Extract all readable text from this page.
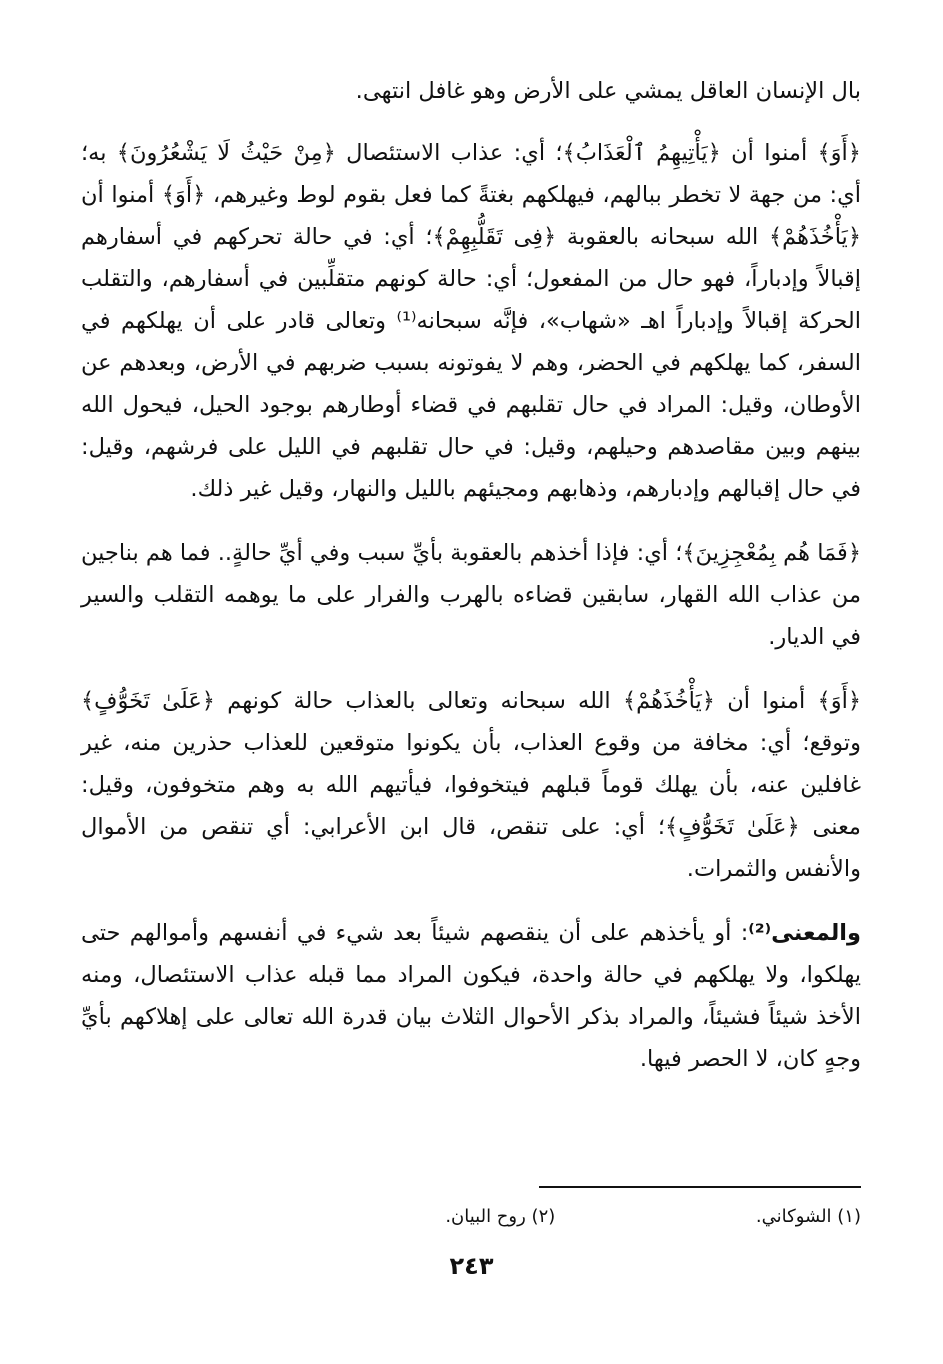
بال الإنسان العاقل يمشي على الأرض وهو غافل انتهى.

﴿أَوَ﴾ أمنوا أن ﴿يَأْتِيهِمُ ٱلْعَذَابُ﴾؛ أي: عذاب الاستئصال ﴿مِنْ حَيْثُ لَا يَشْعُرُونَ﴾ به؛ أي: من جهة لا تخطر ببالهم، فيهلكهم بغتةً كما فعل بقوم لوط وغيرهم، ﴿أَوَ﴾ أمنوا أن ﴿يَأْخُذَهُمْ﴾ الله سبحانه بالعقوبة ﴿فِى تَقَلُّبِهِمْ﴾؛ أي: في حالة تحركهم في أسفارهم إقبالاً وإدباراً، فهو حال من المفعول؛ أي: حالة كونهم متقلِّبين في أسفارهم، والتقلب الحركة إقبالاً وإدباراً اهـ «شهاب»، فإنَّه سبحانه⁽¹⁾ وتعالى قادر على أن يهلكهم في السفر، كما يهلكهم في الحضر، وهم لا يفوتونه بسبب ضربهم في الأرض، وبعدهم عن الأوطان، وقيل: المراد في حال تقلبهم في قضاء أوطارهم بوجود الحيل، فيحول الله بينهم وبين مقاصدهم وحيلهم، وقيل: في حال تقلبهم في الليل على فرشهم، وقيل: في حال إقبالهم وإدبارهم، وذهابهم ومجيئهم بالليل والنهار، وقيل غير ذلك.

﴿فَمَا هُم بِمُعْجِزِينَ﴾؛ أي: فإذا أخذهم بالعقوبة بأيِّ سبب وفي أيِّ حالةٍ.. فما هم بناجين من عذاب الله القهار، سابقين قضاءه بالهرب والفرار على ما يوهمه التقلب والسير في الديار.

﴿أَوَ﴾ أمنوا أن ﴿يَأْخُذَهُمْ﴾ الله سبحانه وتعالى بالعذاب حالة كونهم ﴿عَلَىٰ تَخَوُّفٍ﴾ وتوقع؛ أي: مخافة من وقوع العذاب، بأن يكونوا متوقعين للعذاب حذرين منه، غير غافلين عنه، بأن يهلك قوماً قبلهم فيتخوفوا، فيأتيهم الله به وهم متخوفون، وقيل: معنى ﴿عَلَىٰ تَخَوُّفٍ﴾؛ أي: على تنقص، قال ابن الأعرابي: أي تنقص من الأموال والأنفس والثمرات.

والمعنى⁽²⁾: أو يأخذهم على أن ينقصهم شيئاً بعد شيء في أنفسهم وأموالهم حتى يهلكوا، ولا يهلكهم في حالة واحدة، فيكون المراد مما قبله عذاب الاستئصال، ومنه الأخذ شيئاً فشيئاً، والمراد بذكر الأحوال الثلاث بيان قدرة الله تعالى على إهلاكهم بأيِّ وجهٍ كان، لا الحصر فيها.

(١) الشوكاني. (٢) روح البيان.
٢٤٣
